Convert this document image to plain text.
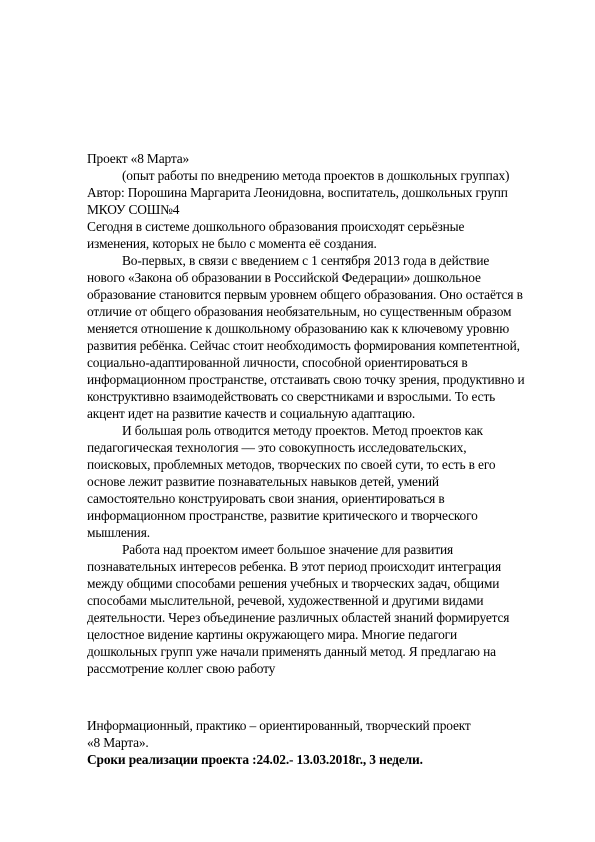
Проект «8 Марта»
(опыт работы по внедрению метода проектов в дошкольных группах)
Автор: Порошина Маргарита Леонидовна, воспитатель, дошкольных групп
МКОУ СОШ№4
Сегодня в системе дошкольного образования происходят серьёзные
изменения, которых не было с момента её создания.
Во-первых, в связи с введением с 1 сентября 2013 года в действие
нового «Закона об образовании в Российской Федерации» дошкольное
образование становится первым уровнем общего образования. Оно остаётся в
отличие от общего образования необязательным, но существенным образом
меняется отношение к дошкольному образованию как к ключевому уровню
развития ребёнка. Сейчас стоит необходимость формирования компетентной,
социально-адаптированной личности, способной ориентироваться в
информационном пространстве, отстаивать свою точку зрения, продуктивно и
конструктивно взаимодействовать со сверстниками и взрослыми. То есть
акцент идет на развитие качеств и социальную адаптацию.
И большая роль отводится методу проектов. Метод проектов как
педагогическая технология — это совокупность исследовательских,
поисковых, проблемных методов, творческих по своей сути, то есть в его
основе лежит развитие познавательных навыков детей, умений
самостоятельно конструировать свои знания, ориентироваться в
информационном пространстве, развитие критического и творческого
мышления.
Работа над проектом имеет большое значение для развития
познавательных интересов ребенка. В этот период происходит интеграция
между общими способами решения учебных и творческих задач, общими
способами мыслительной, речевой, художественной и другими видами
деятельности. Через объединение различных областей знаний формируется
целостное видение картины окружающего мира. Многие педагоги
дошкольных групп уже начали применять данный метод. Я предлагаю на
рассмотрение коллег свою работу
Информационный, практико – ориентированный, творческий проект
«8 Марта».
Сроки реализации проекта :24.02.- 13.03.2018г., 3 недели.
